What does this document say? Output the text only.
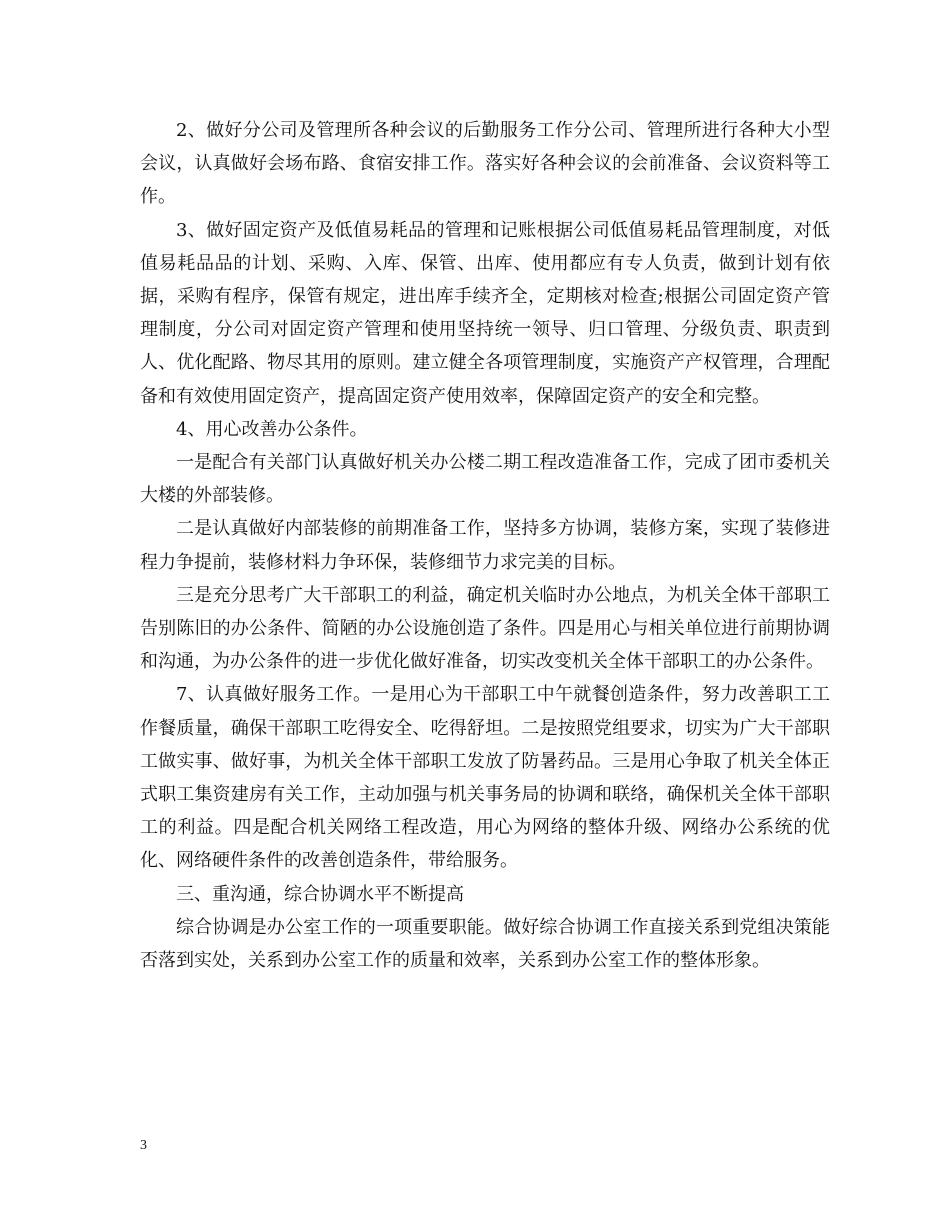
2、做好分公司及管理所各种会议的后勤服务工作分公司、管理所进行各种大小型会议，认真做好会场布路、食宿安排工作。落实好各种会议的会前准备、会议资料等工作。

3、做好固定资产及低值易耗品的管理和记账根据公司低值易耗品管理制度，对低值易耗品品的计划、采购、入库、保管、出库、使用都应有专人负责，做到计划有依据，采购有程序，保管有规定，进出库手续齐全，定期核对检查;根据公司固定资产管理制度，分公司对固定资产管理和使用坚持统一领导、归口管理、分级负责、职责到人、优化配路、物尽其用的原则。建立健全各项管理制度，实施资产产权管理，合理配备和有效使用固定资产，提高固定资产使用效率，保障固定资产的安全和完整。

4、用心改善办公条件。

一是配合有关部门认真做好机关办公楼二期工程改造准备工作，完成了团市委机关大楼的外部装修。

二是认真做好内部装修的前期准备工作，坚持多方协调，装修方案，实现了装修进程力争提前，装修材料力争环保，装修细节力求完美的目标。

三是充分思考广大干部职工的利益，确定机关临时办公地点，为机关全体干部职工告别陈旧的办公条件、简陋的办公设施创造了条件。四是用心与相关单位进行前期协调和沟通，为办公条件的进一步优化做好准备，切实改变机关全体干部职工的办公条件。

7、认真做好服务工作。一是用心为干部职工中午就餐创造条件，努力改善职工工作餐质量，确保干部职工吃得安全、吃得舒坦。二是按照党组要求，切实为广大干部职工做实事、做好事，为机关全体干部职工发放了防暑药品。三是用心争取了机关全体正式职工集资建房有关工作，主动加强与机关事务局的协调和联络，确保机关全体干部职工的利益。四是配合机关网络工程改造，用心为网络的整体升级、网络办公系统的优化、网络硬件条件的改善创造条件，带给服务。

三、重沟通，综合协调水平不断提高

综合协调是办公室工作的一项重要职能。做好综合协调工作直接关系到党组决策能否落到实处，关系到办公室工作的质量和效率，关系到办公室工作的整体形象。

3
